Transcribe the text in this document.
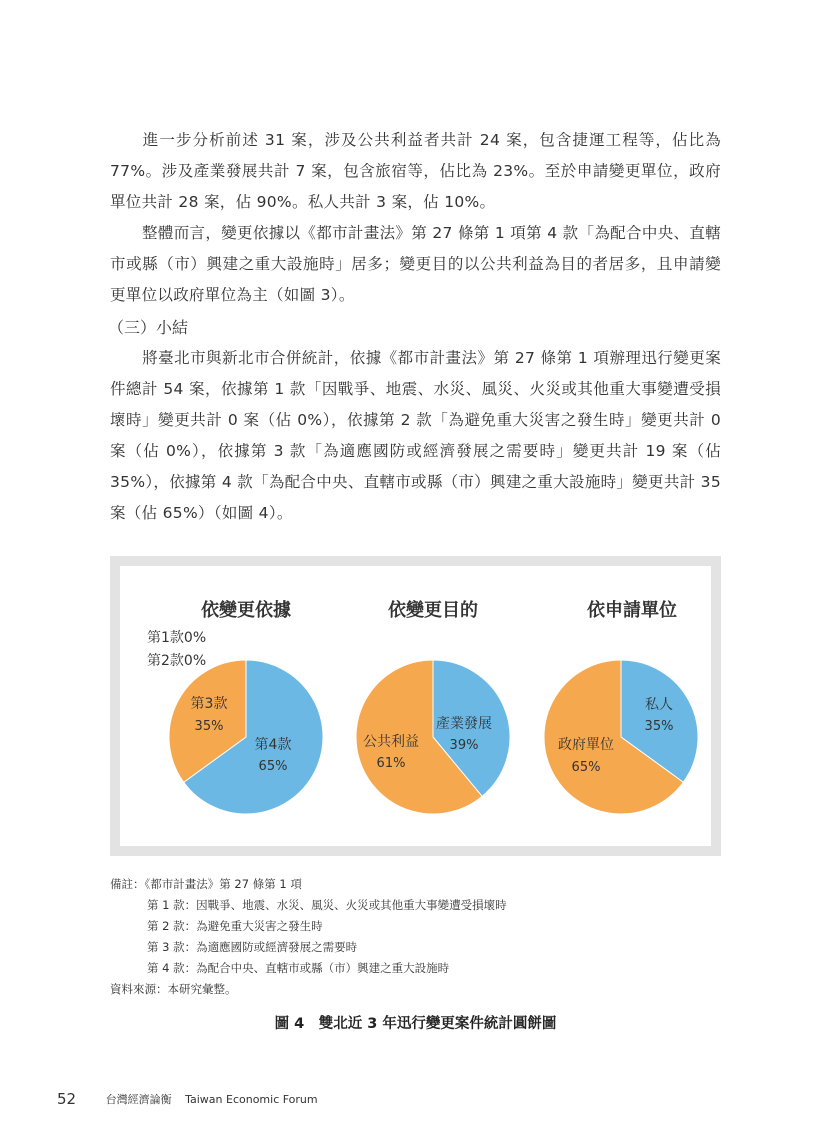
進一步分析前述 31 案，涉及公共利益者共計 24 案，包含捷運工程等，佔比為 77%。涉及產業發展共計 7 案，包含旅宿等，佔比為 23%。至於申請變更單位，政府單位共計 28 案，佔 90%。私人共計 3 案，佔 10%。

整體而言，變更依據以《都市計畫法》第 27 條第 1 項第 4 款「為配合中央、直轄市或縣（市）興建之重大設施時」居多；變更目的以公共利益為目的者居多，且申請變更單位以政府單位為主（如圖 3）。

（三）小結

將臺北市與新北市合併統計，依據《都市計畫法》第 27 條第 1 項辦理迅行變更案件總計 54 案，依據第 1 款「因戰爭、地震、水災、風災、火災或其他重大事變遭受損壞時」變更共計 0 案（佔 0%），依據第 2 款「為避免重大災害之發生時」變更共計 0 案（佔 0%），依據第 3 款「為適應國防或經濟發展之需要時」變更共計 19 案（佔 35%），依據第 4 款「為配合中央、直轄市或縣（市）興建之重大設施時」變更共計 35 案（佔 65%）（如圖 4）。

依變更依據
第4款
65%
第3款
35%
第1款0%
第2款0%
依變更目的
產業發展
39%
公共利益
61%
依申請單位
私人
35%
政府單位
65%
備註：《都市計畫法》第 27 條第 1 項
第 1 款：因戰爭、地震、水災、風災、火災或其他重大事變遭受損壞時
第 2 款：為避免重大災害之發生時
第 3 款：為適應國防或經濟發展之需要時
第 4 款：為配合中央、直轄市或縣（市）興建之重大設施時
資料來源：本研究彙整。
圖 4　雙北近 3 年迅行變更案件統計圓餅圖
52	台灣經濟論衡 Taiwan Economic Forum
